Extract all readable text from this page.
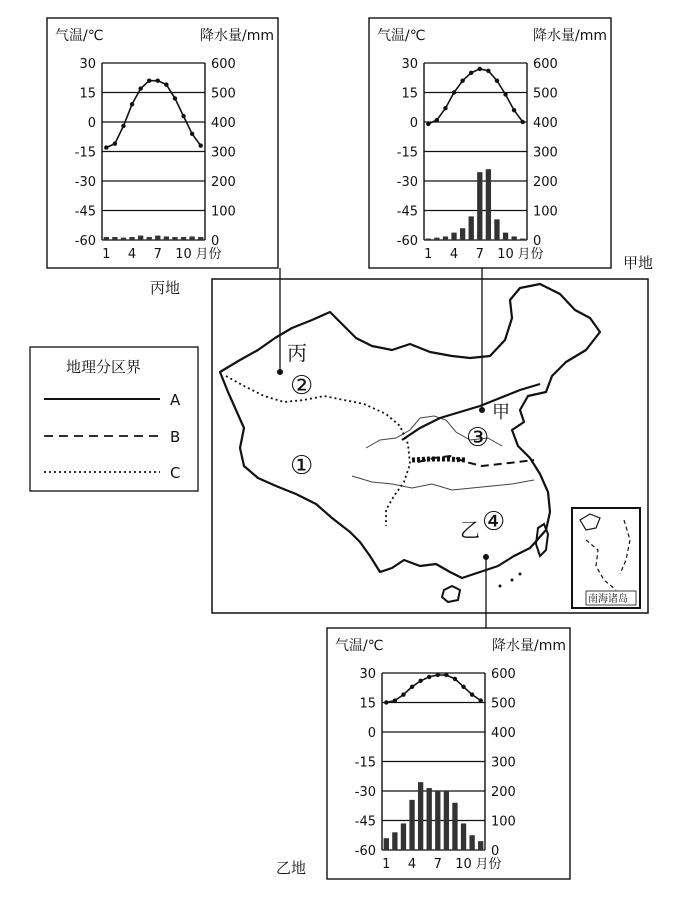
气温/℃	降水量/mm
30
15
0
-15
-30
-45
-60
600
500
400
300
200
100
0
1 4 7 10 月份
气温/℃	降水量/mm
30
15
0
-15
-30
-45
-60
600
500
400
300
200
100
0
1 4 7 10 月份
气温/℃	降水量/mm
30
15
0
-15
-30
-45
-60
600
500
400
300
200
100
0
1 4 7 10 月份
丙地
甲地
乙地
丙
甲
乙
②
①
③
④
南海诸岛
地理分区界
A
B
C
